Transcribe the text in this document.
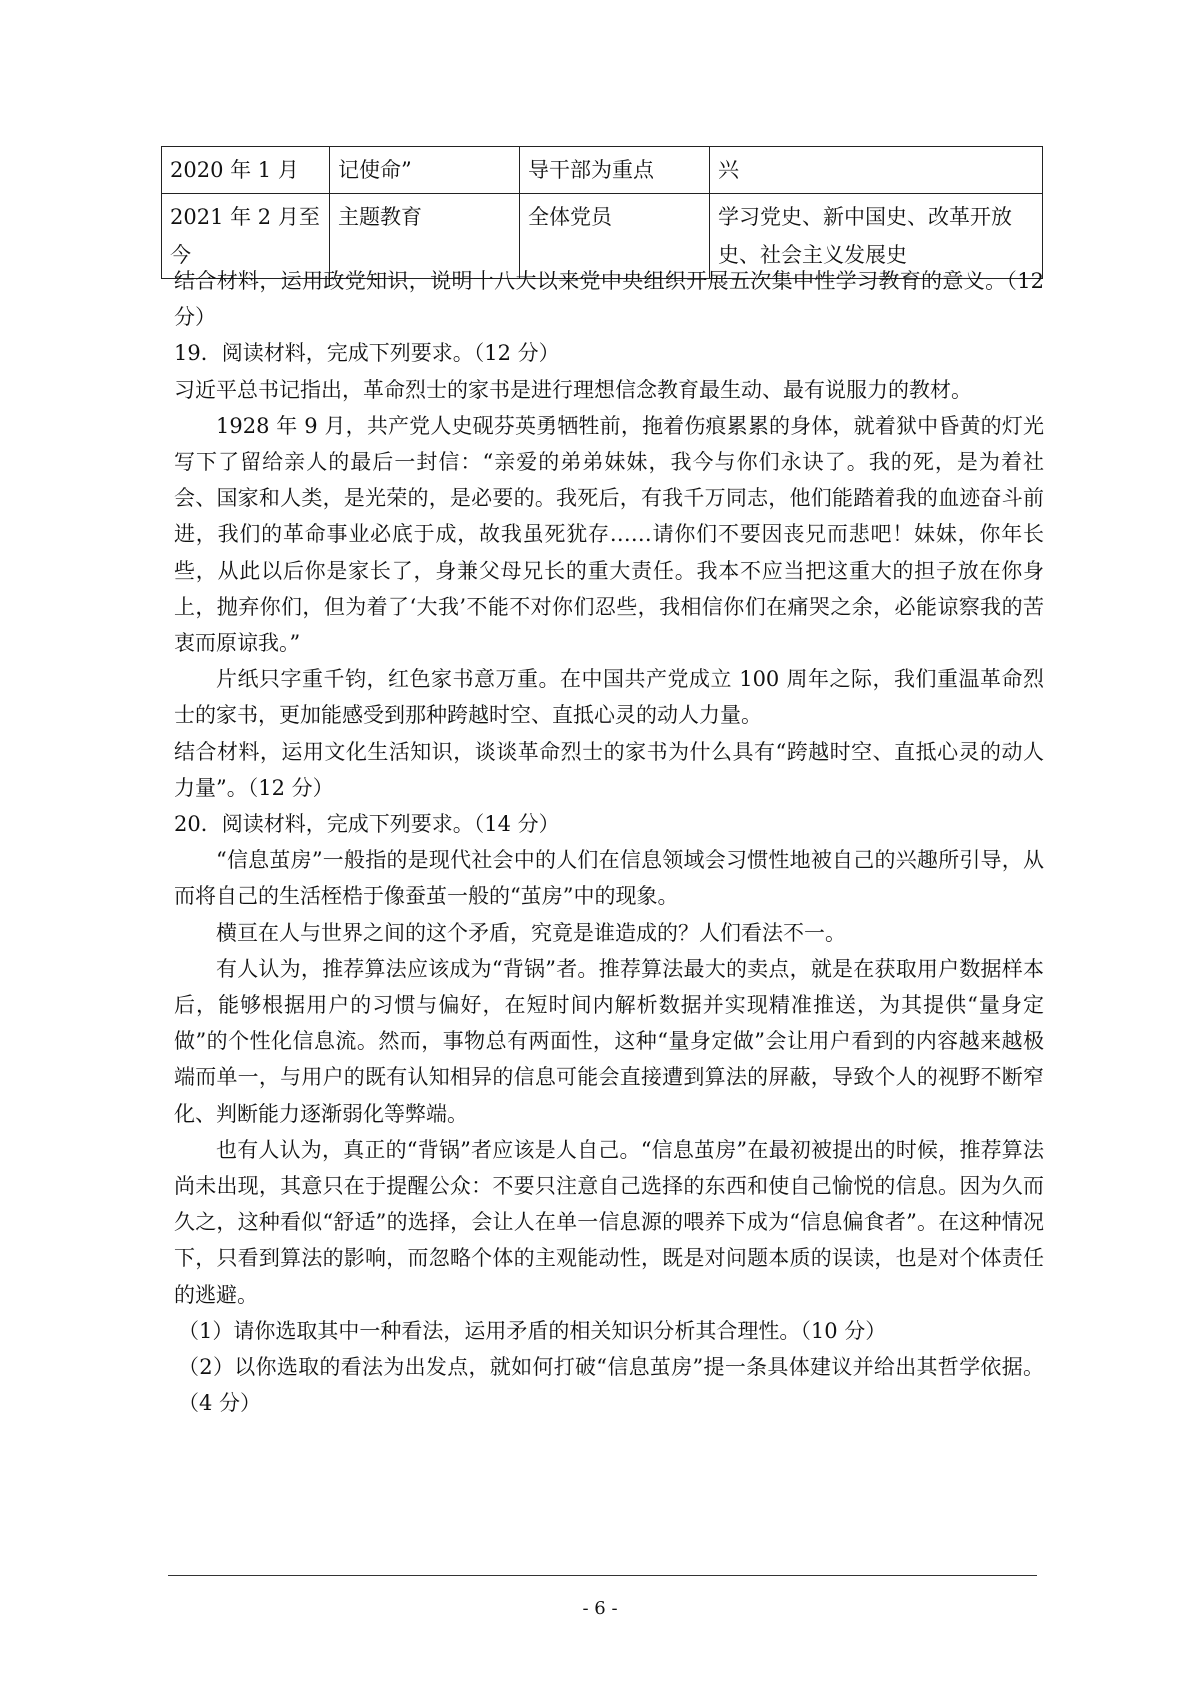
2020 年 1 月	记使命”	导干部为重点	兴
2021 年 2 月至今	主题教育	全体党员	学习党史、新中国史、改革开放史、社会主义发展史

结合材料，运用政党知识，说明十八大以来党中央组织开展五次集中性学习教育的意义。（12分）

19．阅读材料，完成下列要求。（12 分）

习近平总书记指出，革命烈士的家书是进行理想信念教育最生动、最有说服力的教材。

1928 年 9 月，共产党人史砚芬英勇牺牲前，拖着伤痕累累的身体，就着狱中昏黄的灯光写下了留给亲人的最后一封信：“亲爱的弟弟妹妹，我今与你们永诀了。我的死，是为着社会、国家和人类，是光荣的，是必要的。我死后，有我千万同志，他们能踏着我的血迹奋斗前进，我们的革命事业必底于成，故我虽死犹存……请你们不要因丧兄而悲吧！妹妹，你年长些，从此以后你是家长了，身兼父母兄长的重大责任。我本不应当把这重大的担子放在你身上，抛弃你们，但为着了‘大我’不能不对你们忍些，我相信你们在痛哭之余，必能谅察我的苦衷而原谅我。”

片纸只字重千钧，红色家书意万重。在中国共产党成立 100 周年之际，我们重温革命烈士的家书，更加能感受到那种跨越时空、直抵心灵的动人力量。

结合材料，运用文化生活知识，谈谈革命烈士的家书为什么具有“跨越时空、直抵心灵的动人力量”。（12 分）

20．阅读材料，完成下列要求。（14 分）

“信息茧房”一般指的是现代社会中的人们在信息领域会习惯性地被自己的兴趣所引导，从而将自己的生活桎梏于像蚕茧一般的“茧房”中的现象。

横亘在人与世界之间的这个矛盾，究竟是谁造成的？人们看法不一。

有人认为，推荐算法应该成为“背锅”者。推荐算法最大的卖点，就是在获取用户数据样本后，能够根据用户的习惯与偏好，在短时间内解析数据并实现精准推送，为其提供“量身定做”的个性化信息流。然而，事物总有两面性，这种“量身定做”会让用户看到的内容越来越极端而单一，与用户的既有认知相异的信息可能会直接遭到算法的屏蔽，导致个人的视野不断窄化、判断能力逐渐弱化等弊端。

也有人认为，真正的“背锅”者应该是人自己。“信息茧房”在最初被提出的时候，推荐算法尚未出现，其意只在于提醒公众：不要只注意自己选择的东西和使自己愉悦的信息。因为久而久之，这种看似“舒适”的选择，会让人在单一信息源的喂养下成为“信息偏食者”。在这种情况下，只看到算法的影响，而忽略个体的主观能动性，既是对问题本质的误读，也是对个体责任的逃避。

（1）请你选取其中一种看法，运用矛盾的相关知识分析其合理性。（10 分）

（2）以你选取的看法为出发点，就如何打破“信息茧房”提一条具体建议并给出其哲学依据。（4 分）

- 6 -
